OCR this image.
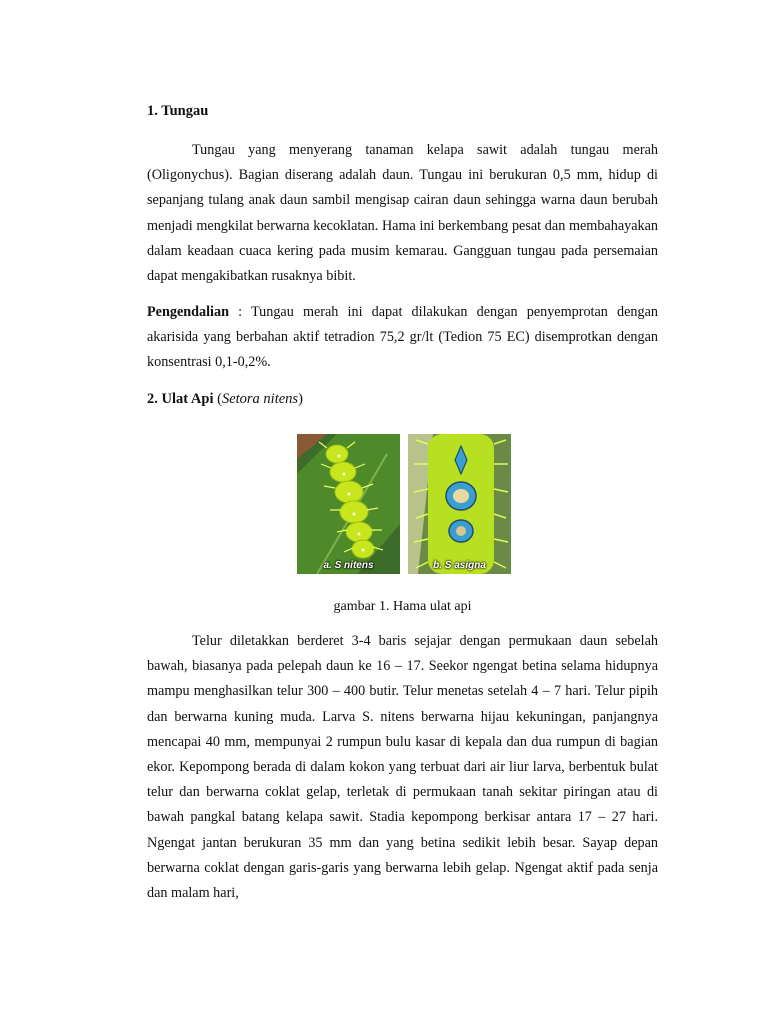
1. Tungau

Tungau yang menyerang tanaman kelapa sawit adalah tungau merah (Oligonychus). Bagian diserang adalah daun. Tungau ini berukuran 0,5 mm, hidup di sepanjang tulang anak daun sambil mengisap cairan daun sehingga warna daun berubah menjadi mengkilat berwarna kecoklatan. Hama ini berkembang pesat dan membahayakan dalam keadaan cuaca kering pada musim kemarau. Gangguan tungau pada persemaian dapat mengakibatkan rusaknya bibit.

Pengendalian : Tungau merah ini dapat dilakukan dengan penyemprotan dengan akarisida yang berbahan aktif tetradion 75,2 gr/lt (Tedion 75 EC) disemprotkan dengan konsentrasi 0,1-0,2%.

2. Ulat Api (Setora nitens)
a. S nitens	b. S asigna
gambar 1. Hama ulat api

Telur diletakkan berderet 3-4 baris sejajar dengan permukaan daun sebelah bawah, biasanya pada pelepah daun ke 16 – 17. Seekor ngengat betina selama hidupnya mampu menghasilkan telur 300 – 400 butir. Telur menetas setelah 4 – 7 hari. Telur pipih dan berwarna kuning muda. Larva S. nitens berwarna hijau kekuningan, panjangnya mencapai 40 mm, mempunyai 2 rumpun bulu kasar di kepala dan dua rumpun di bagian ekor. Kepompong berada di dalam kokon yang terbuat dari air liur larva, berbentuk bulat telur dan berwarna coklat gelap, terletak di permukaan tanah sekitar piringan atau di bawah pangkal batang kelapa sawit. Stadia kepompong berkisar antara 17 – 27 hari. Ngengat jantan berukuran 35 mm dan yang betina sedikit lebih besar. Sayap depan berwarna coklat dengan garis-garis yang berwarna lebih gelap. Ngengat aktif pada senja dan malam hari,
